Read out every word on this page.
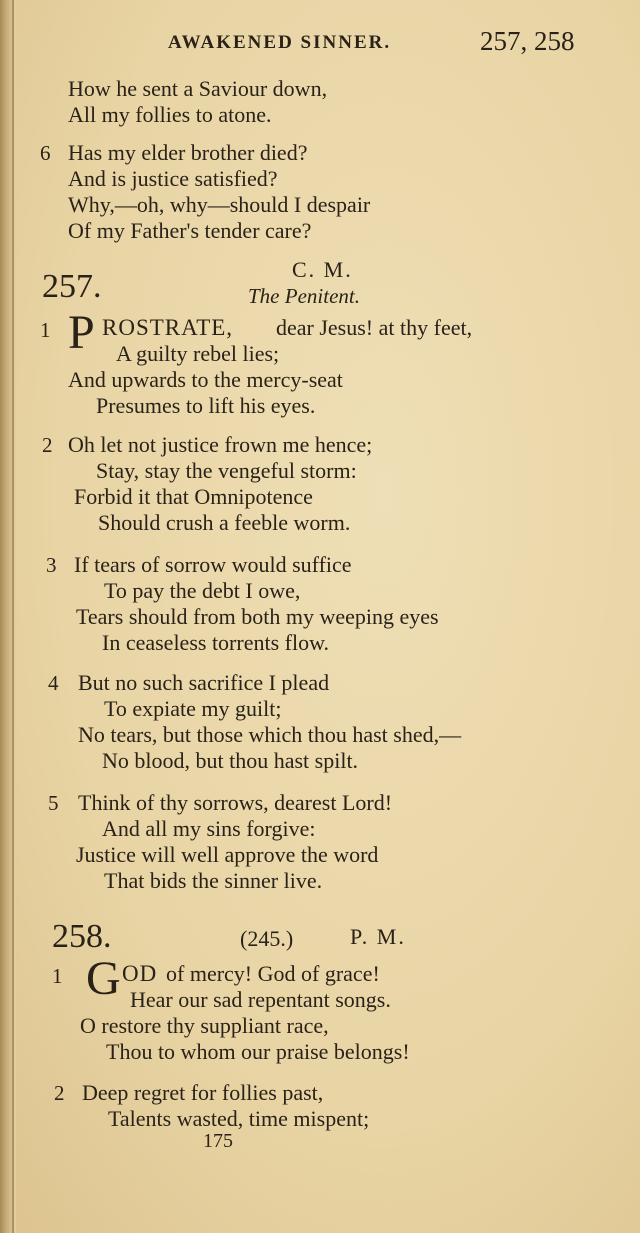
AWAKENED SINNER.	257, 258
How he sent a Saviour down,
All my follies to atone.
6 Has my elder brother died?
And is justice satisfied?
Why,—oh, why—should I despair
Of my Father's tender care?
257.	C. M.
The Penitent.
1 P ROSTRATE, dear Jesus! at thy feet,
A guilty rebel lies;
And upwards to the mercy-seat
Presumes to lift his eyes.
2 Oh let not justice frown me hence;
Stay, stay the vengeful storm:
Forbid it that Omnipotence
Should crush a feeble worm.
3 If tears of sorrow would suffice
To pay the debt I owe,
Tears should from both my weeping eyes
In ceaseless torrents flow.
4 But no such sacrifice I plead
To expiate my guilt;
No tears, but those which thou hast shed,—
No blood, but thou hast spilt.
5 Think of thy sorrows, dearest Lord!
And all my sins forgive:
Justice will well approve the word
That bids the sinner live.
258.	(245.)	P. M.
1 G OD of mercy! God of grace!
Hear our sad repentant songs.
O restore thy suppliant race,
Thou to whom our praise belongs!
2 Deep regret for follies past,
Talents wasted, time mispent;
175
